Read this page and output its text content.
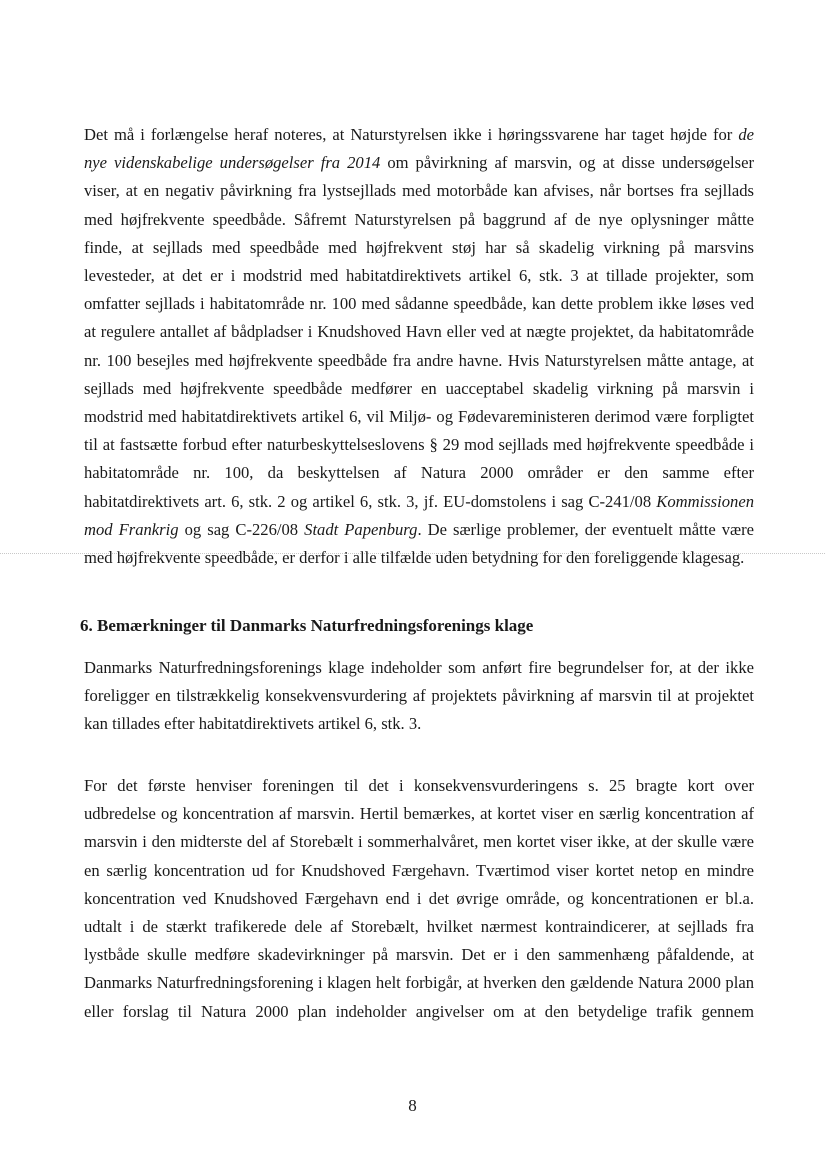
Det må i forlængelse heraf noteres, at Naturstyrelsen ikke i høringssvarene har taget højde for de
nye videnskabelige undersøgelser fra 2014 om påvirkning af marsvin, og at disse undersøgelser
viser, at en negativ påvirkning fra lystsejllads med motorbåde kan afvises, når bortses fra sejllads
med højfrekvente speedbåde. Såfremt Naturstyrelsen på baggrund af de nye oplysninger måtte
finde, at sejllads med speedbåde med højfrekvent støj har så skadelig virkning på marsvins
levesteder, at det er i modstrid med habitatdirektivets artikel 6, stk. 3 at tillade projekter, som
omfatter sejllads i habitatområde nr. 100 med sådanne speedbåde, kan dette problem ikke løses ved
at regulere antallet af bådpladser i Knudshoved Havn eller ved at nægte projektet, da habitatområde
nr. 100 besejles med højfrekvente speedbåde fra andre havne. Hvis Naturstyrelsen måtte antage, at
sejllads med højfrekvente speedbåde medfører en uacceptabel skadelig virkning på marsvin i
modstrid med habitatdirektivets artikel 6, vil Miljø- og Fødevareministeren derimod være forpligtet
til at fastsætte forbud efter naturbeskyttelseslovens § 29 mod sejllads med højfrekvente speedbåde i
habitatområde nr. 100, da beskyttelsen af Natura 2000 områder er den samme efter
habitatdirektivets art. 6, stk. 2 og artikel 6, stk. 3, jf. EU-domstolens i sag C-241/08 Kommissionen
mod Frankrig og sag C-226/08 Stadt Papenburg. De særlige problemer, der eventuelt måtte være
med højfrekvente speedbåde, er derfor i alle tilfælde uden betydning for den foreliggende klagesag.
6. Bemærkninger til Danmarks Naturfredningsforenings klage
Danmarks Naturfredningsforenings klage indeholder som anført fire begrundelser for, at der ikke
foreligger en tilstrækkelig konsekvensvurdering af projektets påvirkning af marsvin til at projektet
kan tillades efter habitatdirektivets artikel 6, stk. 3.
For det første henviser foreningen til det i konsekvensvurderingens s. 25 bragte kort over
udbredelse og koncentration af marsvin. Hertil bemærkes, at kortet viser en særlig koncentration af
marsvin i den midterste del af Storebælt i sommerhalvåret, men kortet viser ikke, at der skulle være
en særlig koncentration ud for Knudshoved Færgehavn. Tværtimod viser kortet netop en mindre
koncentration ved Knudshoved Færgehavn end i det øvrige område, og koncentrationen er bl.a.
udtalt i de stærkt trafikerede dele af Storebælt, hvilket nærmest kontraindicerer, at sejllads fra
lystbåde skulle medføre skadevirkninger på marsvin. Det er i den sammenhæng påfaldende, at
Danmarks Naturfredningsforening i klagen helt forbigår, at hverken den gældende Natura 2000 plan
eller forslag til Natura 2000 plan indeholder angivelser om at den betydelige trafik gennem
8
